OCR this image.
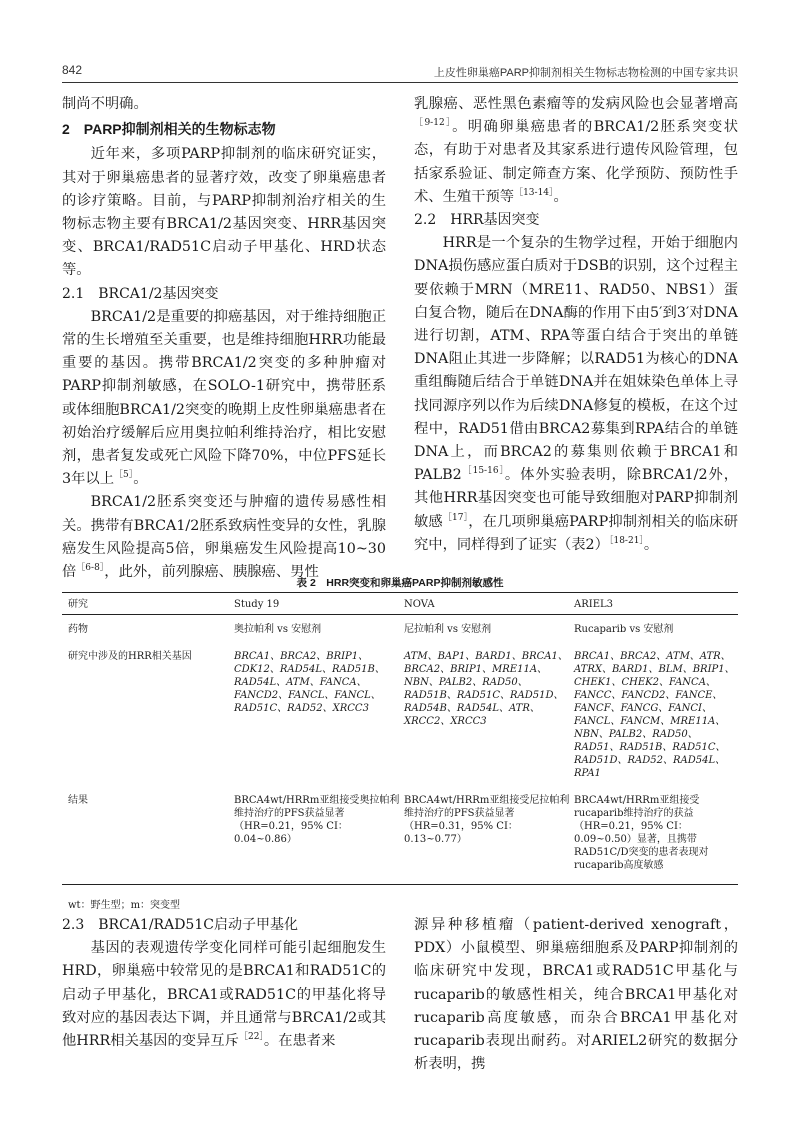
842	上皮性卵巢癌PARP抑制剂相关生物标志物检测的中国专家共识

制尚不明确。

2　PARP抑制剂相关的生物标志物

近年来，多项PARP抑制剂的临床研究证实，其对于卵巢癌患者的显著疗效，改变了卵巢癌患者的诊疗策略。目前，与PARP抑制剂治疗相关的生物标志物主要有BRCA1/2基因突变、HRR基因突变、BRCA1/RAD51C启动子甲基化、HRD状态等。

2.1　BRCA1/2基因突变

BRCA1/2是重要的抑癌基因，对于维持细胞正常的生长增殖至关重要，也是维持细胞HRR功能最重要的基因。携带BRCA1/2突变的多种肿瘤对PARP抑制剂敏感，在SOLO-1研究中，携带胚系或体细胞BRCA1/2突变的晚期上皮性卵巢癌患者在初始治疗缓解后应用奥拉帕利维持治疗，相比安慰剂，患者复发或死亡风险下降70%，中位PFS延长3年以上$^{[5]}$。

BRCA1/2胚系突变还与肿瘤的遗传易感性相关。携带有BRCA1/2胚系致病性变异的女性，乳腺癌发生风险提高5倍，卵巢癌发生风险提高10~30倍$^{[6-8]}$，此外，前列腺癌、胰腺癌、男性

乳腺癌、恶性黑色素瘤等的发病风险也会显著增高$^{[9-12]}$。明确卵巢癌患者的BRCA1/2胚系突变状态，有助于对患者及其家系进行遗传风险管理，包括家系验证、制定筛查方案、化学预防、预防性手术、生殖干预等$^{[13-14]}$。

2.2　HRR基因突变

HRR是一个复杂的生物学过程，开始于细胞内DNA损伤感应蛋白质对于DSB的识别，这个过程主要依赖于MRN（MRE11、RAD50、NBS1）蛋白复合物，随后在DNA酶的作用下由5′到3′对DNA进行切割，ATM、RPA等蛋白结合于突出的单链DNA阻止其进一步降解；以RAD51为核心的DNA重组酶随后结合于单链DNA并在姐妹染色单体上寻找同源序列以作为后续DNA修复的模板，在这个过程中，RAD51借由BRCA2募集到RPA结合的单链DNA上，而BRCA2的募集则依赖于BRCA1和$PALB2^{[15-16]}$。体外实验表明，除BRCA1/2外，其他HRR基因突变也可能导致细胞对PARP抑制剂敏感$^{[17]}$，在几项卵巢癌PARP抑制剂相关的临床研究中，同样得到了证实（表2）$^{[18-21]}$。

表 2　HRR突变和卵巢癌PARP抑制剂敏感性
研究	Study 19	NOVA	ARIEL3
药物	奥拉帕利 vs 安慰剂	尼拉帕利 vs 安慰剂	Rucaparib vs 安慰剂
研究中涉及的HRR相关基因	BRCA1、BRCA2、BRIP1、CDK12、RAD54L、RAD51B、RAD54L、ATM、FANCA、FANCD2、FANCL、FANCL、RAD51C、RAD52、XRCC3	ATM、BAP1、BARD1、BRCA1、BRCA2、BRIP1、MRE11A、NBN、PALB2、RAD50、RAD51B、RAD51C、RAD51D、RAD54B、RAD54L、ATR、XRCC2、XRCC3	BRCA1、BRCA2、ATM、ATR、ATRX、BARD1、BLM、BRIP1、CHEK1、CHEK2、FANCA、FANCC、FANCD2、FANCE、FANCF、FANCG、FANCI、FANCL、FANCM、MRE11A、NBN、PALB2、RAD50、RAD51、RAD51B、RAD51C、RAD51D、RAD52、RAD54L、RPA1
结果	BRCA4wt/HRRm亚组接受奥拉帕利维持治疗的PFS获益显著（HR=0.21，95% CI：0.04~0.86）	BRCA4wt/HRRm亚组接受尼拉帕利维持治疗的PFS获益显著（HR=0.31，95% CI：0.13~0.77）	BRCA4wt/HRRm亚组接受rucaparib维持治疗的获益（HR=0.21，95% CI：0.09~0.50）显著，且携带RAD51C/D突变的患者表现对rucaparib高度敏感
wt：野生型；m：突变型

2.3　BRCA1/RAD51C启动子甲基化

基因的表观遗传学变化同样可能引起细胞发生HRD，卵巢癌中较常见的是BRCA1和RAD51C的启动子甲基化，BRCA1或RAD51C的甲基化将导致对应的基因表达下调，并且通常与BRCA1/2或其他HRR相关基因的变异互斥$^{[22]}$。在患者来

源异种移植瘤（patient-derived xenograft，PDX）小鼠模型、卵巢癌细胞系及PARP抑制剂的临床研究中发现，BRCA1或RAD51C甲基化与rucaparib的敏感性相关，纯合BRCA1甲基化对rucaparib高度敏感，而杂合BRCA1甲基化对rucaparib表现出耐药。对ARIEL2研究的数据分析表明，携
